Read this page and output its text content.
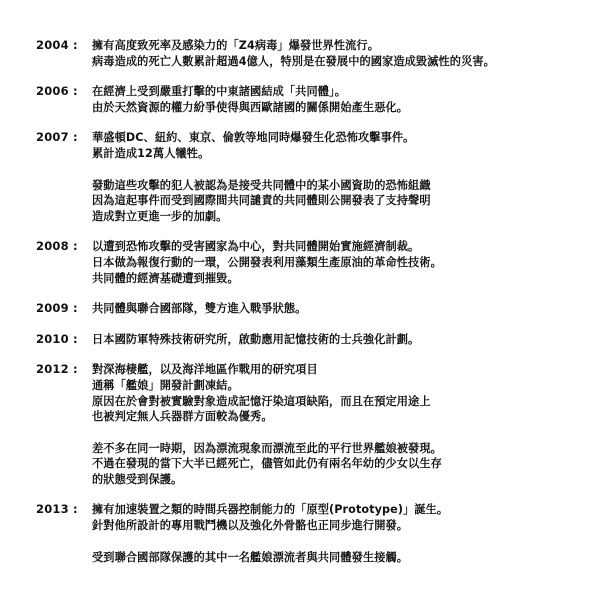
2004 : 擁有高度致死率及感染力的「Z4病毒」爆發世界性流行。
病毒造成的死亡人數累計超過4億人，特別是在發展中的國家造成毀滅性的災害。
2006 : 在經濟上受到嚴重打擊的中東諸國結成「共同體」。
由於天然資源的權力紛爭使得與西歐諸國的關係開始產生惡化。
2007 : 華盛頓DC、紐約、東京、倫敦等地同時爆發生化恐怖攻擊事件。
累計造成12萬人犧牲。
發動這些攻擊的犯人被認為是接受共同體中的某小國資助的恐怖組織
因為這起事件而受到國際間共同譴責的共同體則公開發表了支持聲明
造成對立更進一步的加劇。
2008 : 以遭到恐怖攻擊的受害國家為中心，對共同體開始實施經濟制裁。
日本做為報復行動的一環，公開發表利用藻類生產原油的革命性技術。
共同體的經濟基礎遭到摧毀。
2009 : 共同體與聯合國部隊，雙方進入戰爭狀態。
2010 : 日本國防軍特殊技術研究所，啟動應用記憶技術的士兵強化計劃。
2012 : 對深海棲艦，以及海洋地區作戰用的研究項目
通稱「艦娘」開發計劃凍結。
原因在於會對被實驗對象造成記憶汙染這項缺陷，而且在預定用途上
也被判定無人兵器群方面較為優秀。
差不多在同一時期，因為漂流現象而漂流至此的平行世界艦娘被發現。
不過在發現的當下大半已經死亡，儘管如此仍有兩名年幼的少女以生存
的狀態受到保護。
2013 : 擁有加速裝置之類的時間兵器控制能力的「原型(Prototype)」誕生。
針對他所設計的專用戰鬥機以及強化外骨骼也正同步進行開發。
受到聯合國部隊保護的其中一名艦娘漂流者與共同體發生接觸。
